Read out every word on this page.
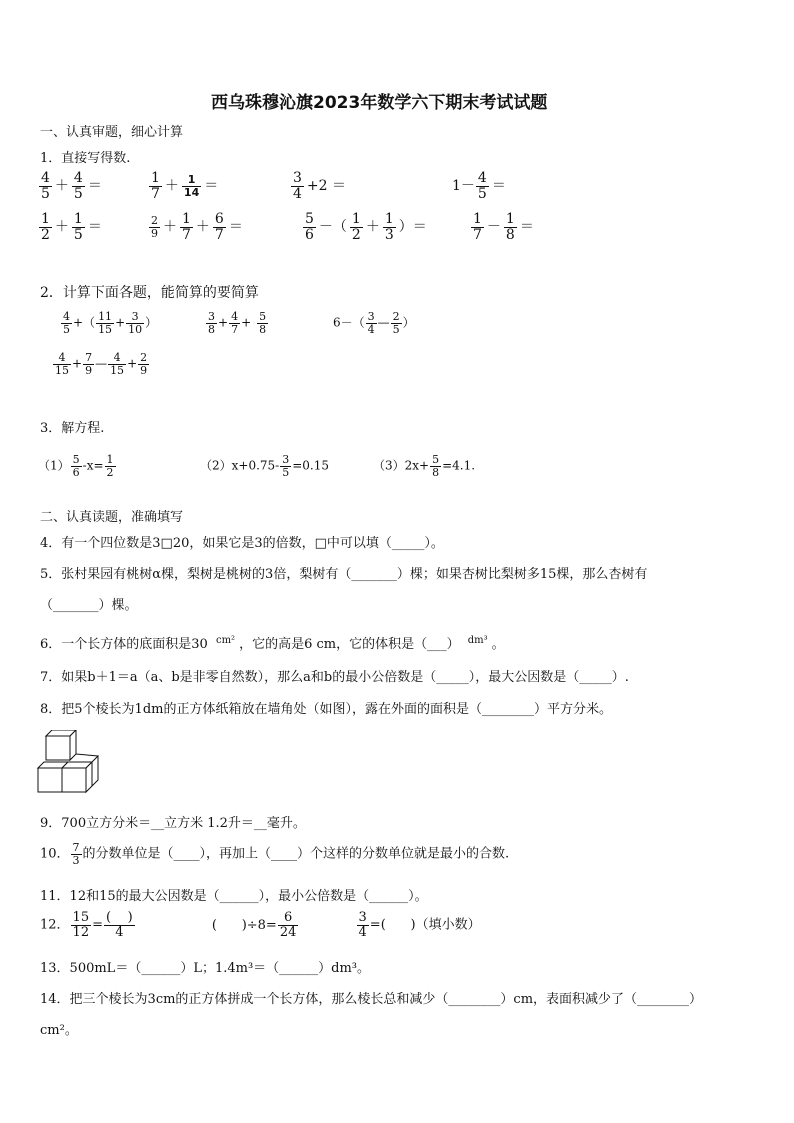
西乌珠穆沁旗2023年数学六下期末考试试题
一、认真审题，细心计算
1．直接写得数.
$\frac{4}{5} + \frac{4}{5}$ ＝	$\frac{1}{7} + \frac{1}{14}$ ＝	$\frac{3}{4} +2$ ＝	$1- \frac{4}{5}$ ＝
$\frac{1}{2} + \frac{1}{5}$ ＝	$\frac{2}{9} + \frac{1}{7} + \frac{6}{7}$ ＝	$\frac{5}{6}$ －（ $\frac{1}{2} + \frac{1}{3}$ ）＝	$\frac{1}{7} - \frac{1}{8}$ ＝
2．计算下面各题，能简算的要简算
$\frac{4}{5}$ +（ $\frac{11}{15} + \frac{3}{10}$ ）	$\frac{3}{8} + \frac{4}{7} + \frac{5}{8}$	$6-( \frac{3}{4}$ — $\frac{2}{5}$ ）
$\frac{4}{15} + \frac{7}{9}$ — $\frac{4}{15} + \frac{2}{9}$
3．解方程.
$(1) \frac{5}{6} -x= \frac{1}{2}$	$(2)x+0.75- \frac{3}{5} =0.15$	$(3)2x+ \frac{5}{8} =4.1$.
二、认真读题，准确填写
4．有一个四位数是3□20，如果它是3的倍数，□中可以填（_____）。
5．张村果园有桃树α棵，梨树是桃树的3倍，梨树有（_______）棵；如果杏树比梨树多15棵，那么杏树有
（_______）棵。
6．一个长方体的底面积是30 $^{cm^2}$ ，它的高是6 cm，它的体积是（___） $^{dm^3}$ 。
7．如果b＋1＝a（a、b是非零自然数），那么a和b的最小公倍数是（_____），最大公因数是（_____）.
8．把5个棱长为1dm的正方体纸箱放在墙角处（如图），露在外面的面积是（________）平方分米。
9．700立方分米＝__立方米 1.2升＝__毫升。
10． $\frac{7}{3}$ 的分数单位是（____），再加上（____）个这样的分数单位就是最小的合数.
11．12和15的最大公因数是（______），最小公倍数是（______）。
12． $\frac{15}{12} = \frac{( )}{4}$	(      )$\div 8= \frac{6}{24}$
	$\frac{3}{4}$ =(      )（填小数）
13．500mL＝（______）L；1.4m³＝（______）dm³。
14．把三个棱长为3cm的正方体拼成一个长方体，那么棱长总和减少（________）cm，表面积减少了（________）
cm²。
